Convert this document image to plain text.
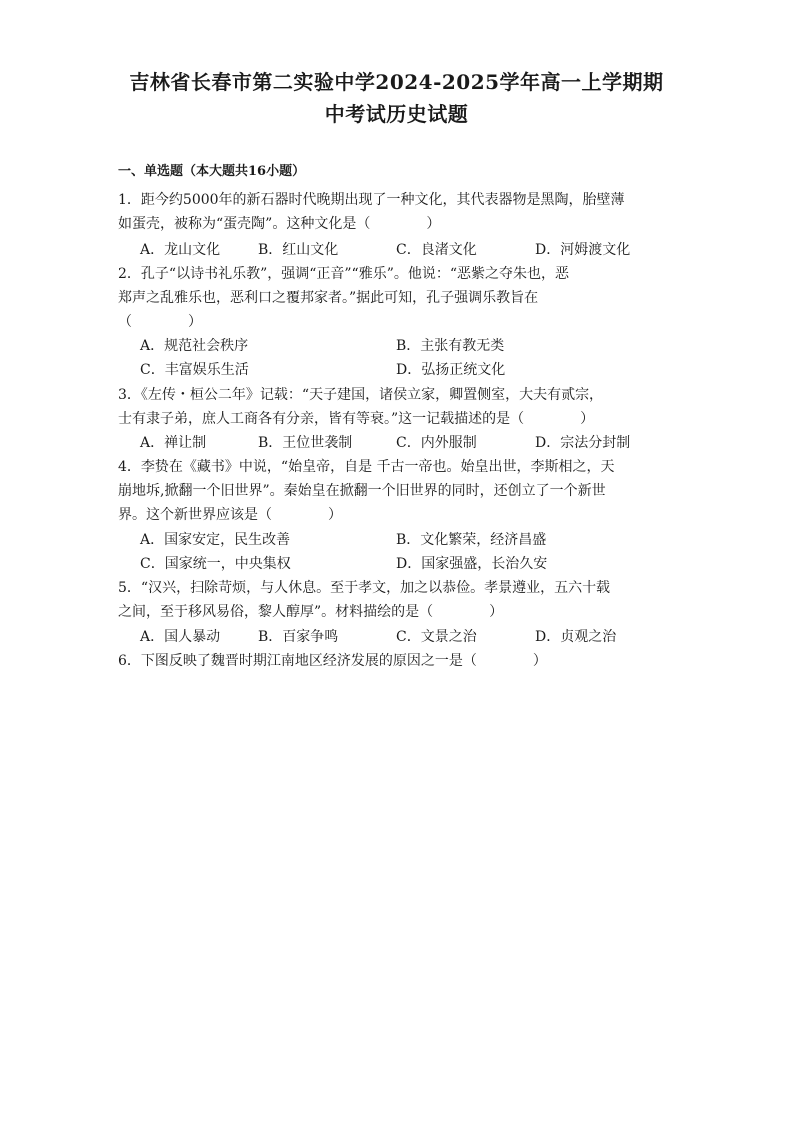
吉林省长春市第二实验中学2024-2025学年高一上学期期
中考试历史试题
一、单选题（本大题共16小题）
1．距今约5000年的新石器时代晚期出现了一种文化，其代表器物是黑陶，胎壁薄
如蛋壳，被称为“蛋壳陶”。这种文化是（　　　　）
A．龙山文化	B．红山文化	C．良渚文化	D．河姆渡文化
2．孔子“以诗书礼乐教”，强调“正音”“雅乐”。他说：“恶紫之夺朱也，恶
郑声之乱雅乐也，恶利口之覆邦家者。”据此可知，孔子强调乐教旨在
（　　　　）
A．规范社会秩序	B．主张有教无类
C．丰富娱乐生活	D．弘扬正统文化
3．《左传・桓公二年》记载：“天子建国，诸侯立家，卿置侧室，大夫有贰宗，
士有隶子弟，庶人工商各有分亲，皆有等衰。”这一记载描述的是（　　　　）
A．禅让制	B．王位世袭制	C．内外服制	D．宗法分封制
4．李贽在《藏书》中说，“始皇帝，自是 千古一帝也。始皇出世，李斯相之，天
崩地坼,掀翻一个旧世界”。秦始皇在掀翻一个旧世界的同时，还创立了一个新世
界。这个新世界应该是（　　　　）
A．国家安定，民生改善	B．文化繁荣，经济昌盛
C．国家统一，中央集权	D．国家强盛，长治久安
5．“汉兴，扫除苛烦，与人休息。至于孝文，加之以恭俭。孝景遵业，五六十载
之间，至于移风易俗，黎人醇厚”。材料描绘的是（　　　　）
A．国人暴动	B．百家争鸣	C．文景之治	D．贞观之治
6．下图反映了魏晋时期江南地区经济发展的原因之一是（　　　　）
